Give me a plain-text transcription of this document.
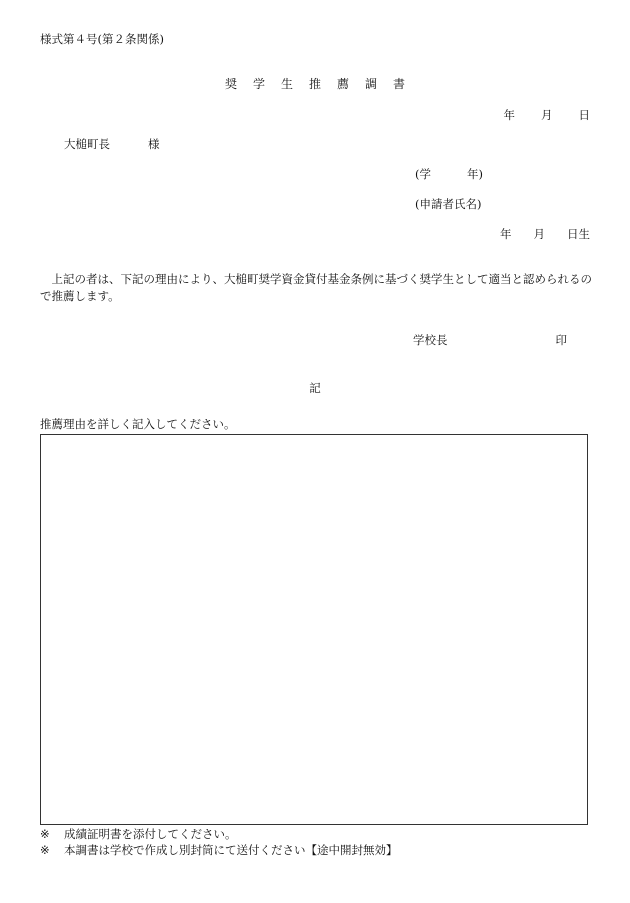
様式第４号(第２条関係)
奨学生推薦調書
年 月 日
大槌町長	様
(学	年)
(申請者氏名)
年 月 日生
上記の者は、下記の理由により、大槌町奨学資金貸付基金条例に基づく奨学生として適当と認められるので推薦します。
学校長	印
記
推薦理由を詳しく記入してください。
※ 成績証明書を添付してください。
※ 本調書は学校で作成し別封筒にて送付ください【途中開封無効】
